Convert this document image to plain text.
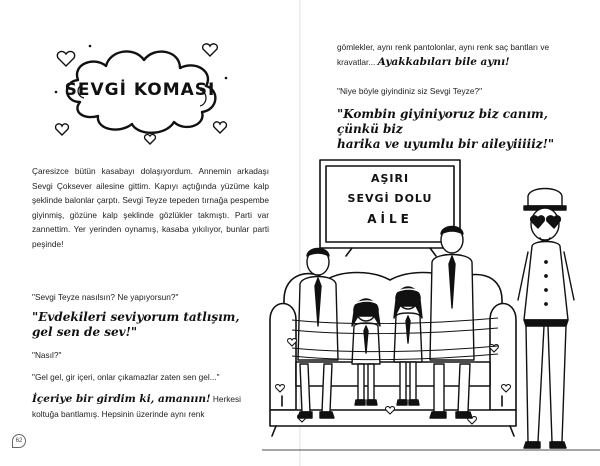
SEVGİ KOMASI
Çaresizce bütün kasabayı dolaşıyordum. Annemin arkadaşı Sevgi Çoksever ailesine gittim. Kapıyı açtığında yüzüme kalp şeklinde balonlar çarptı. Sevgi Teyze tepeden tırnağa pespembe giyinmiş, gözüne kalp şeklinde gözlükler takmıştı. Parti var zannettim. Yer yerinden oynamış, kasaba yıkılıyor, bunlar parti peşinde!
"Sevgi Teyze nasılsın? Ne yapıyorsun?"
"Evdekileri seviyorum tatlışım,
gel sen de sev!"
"Nasıl?"
"Gel gel, gir içeri, onlar çıkamazlar zaten sen gel..."
İçeriye bir girdim ki, amanıın! Herkesi koltuğa bantlamış. Hepsinin üzerinde aynı renk
62
gömlekler, aynı renk pantolonlar, aynı renk saç bantları ve kravatlar... Ayakkabıları bile aynı!
"Niye böyle giyindiniz siz Sevgi Teyze?"
"Kombin giyiniyoruz biz canım, çünkü biz
harika ve uyumlu bir aileyiiiiiz!"
AŞIRI
SEVGİ DOLU
AİLE
